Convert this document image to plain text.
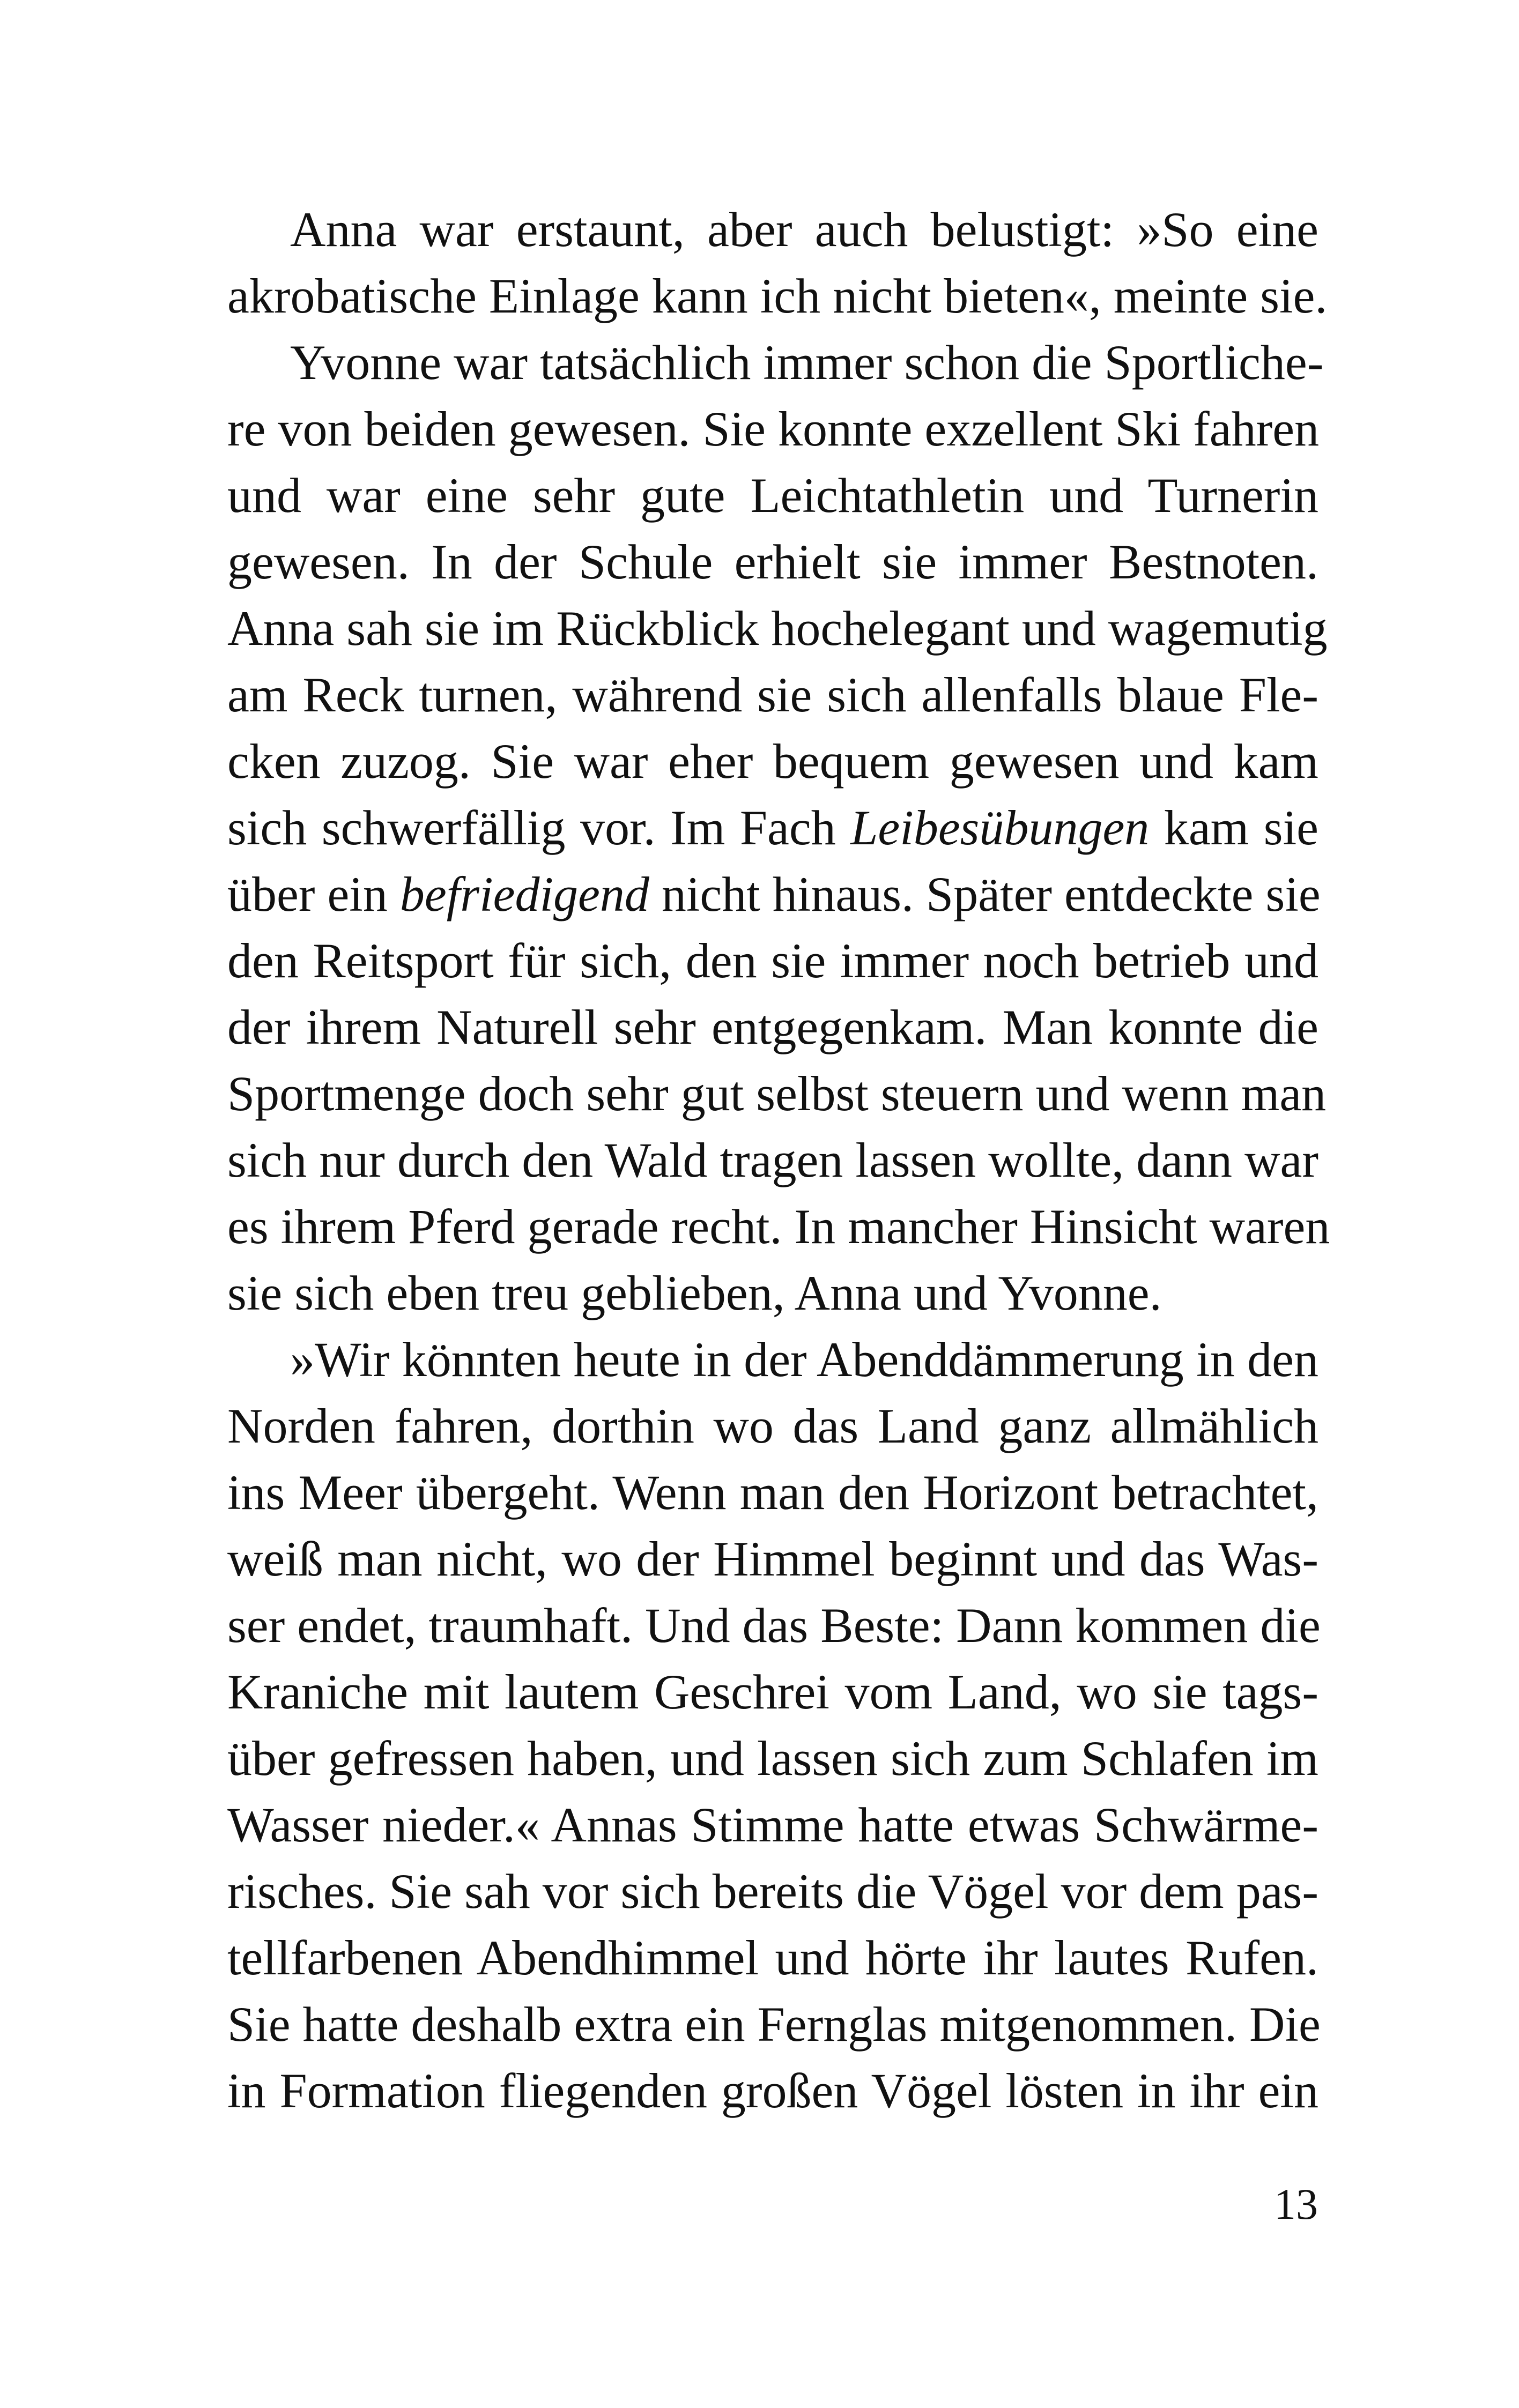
Anna war erstaunt, aber auch belustigt: »So eine
akrobatische Einlage kann ich nicht bieten«, meinte sie.
Yvonne war tatsächlich immer schon die Sportliche-
re von beiden gewesen. Sie konnte exzellent Ski fahren
und war eine sehr gute Leichtathletin und Turnerin
gewesen. In der Schule erhielt sie immer Bestnoten.
Anna sah sie im Rückblick hochelegant und wagemutig
am Reck turnen, während sie sich allenfalls blaue Fle-
cken zuzog. Sie war eher bequem gewesen und kam
sich schwerfällig vor. Im Fach Leibesübungen kam sie
über ein befriedigend nicht hinaus. Später entdeckte sie
den Reitsport für sich, den sie immer noch betrieb und
der ihrem Naturell sehr entgegenkam. Man konnte die
Sportmenge doch sehr gut selbst steuern und wenn man
sich nur durch den Wald tragen lassen wollte, dann war
es ihrem Pferd gerade recht. In mancher Hinsicht waren
sie sich eben treu geblieben, Anna und Yvonne.
»Wir könnten heute in der Abenddämmerung in den
Norden fahren, dorthin wo das Land ganz allmählich
ins Meer übergeht. Wenn man den Horizont betrachtet,
weiß man nicht, wo der Himmel beginnt und das Was-
ser endet, traumhaft. Und das Beste: Dann kommen die
Kraniche mit lautem Geschrei vom Land, wo sie tags-
über gefressen haben, und lassen sich zum Schlafen im
Wasser nieder.« Annas Stimme hatte etwas Schwärme-
risches. Sie sah vor sich bereits die Vögel vor dem pas-
tellfarbenen Abendhimmel und hörte ihr lautes Rufen.
Sie hatte deshalb extra ein Fernglas mitgenommen. Die
in Formation fliegenden großen Vögel lösten in ihr ein
13
